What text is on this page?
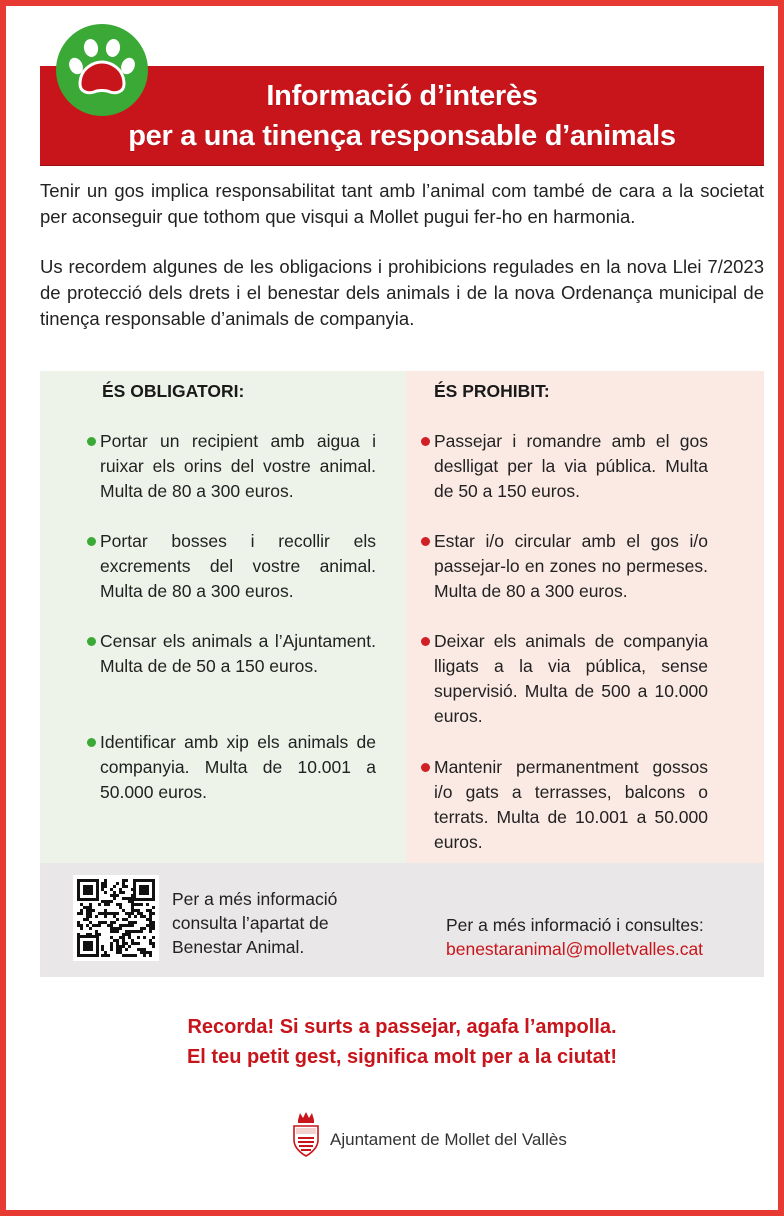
Informació d’interès
per a una tinença responsable d’animals

Tenir un gos implica responsabilitat tant amb l’animal com també de cara a la societat per aconseguir que tothom que visqui a Mollet pugui fer-ho en harmonia.

Us recordem algunes de les obligacions i prohibicions regulades en la nova Llei 7/2023 de protecció dels drets i el benestar dels animals i de la nova Ordenança municipal de tinença responsable d’animals de companyia.

ÉS OBLIGATORI:
Portar un recipient amb aigua i ruixar els orins del vostre animal. Multa de 80 a 300 euros.
Portar bosses i recollir els excrements del vostre animal. Multa de 80 a 300 euros.
Censar els animals a l’Ajuntament. Multa de de 50 a 150 euros.
Identificar amb xip els animals de companyia. Multa de 10.001 a 50.000 euros.
ÉS PROHIBIT:
Passejar i romandre amb el gos deslligat per la via pública. Multa de 50 a 150 euros.
Estar i/o circular amb el gos i/o passejar-lo en zones no permeses. Multa de 80 a 300 euros.
Deixar els animals de companyia lligats a la via pública, sense supervisió. Multa de 500 a 10.000 euros.
Mantenir permanentment gossos i/o gats a terrasses, balcons o terrats. Multa de 10.001 a 50.000 euros.
Per a més informació consulta l’apartat de Benestar Animal.
Per a més informació i consultes:
benestaranimal@molletvalles.cat
Recorda! Si surts a passejar, agafa l’ampolla.
El teu petit gest, significa molt per a la ciutat!
Ajuntament de Mollet del Vallès
